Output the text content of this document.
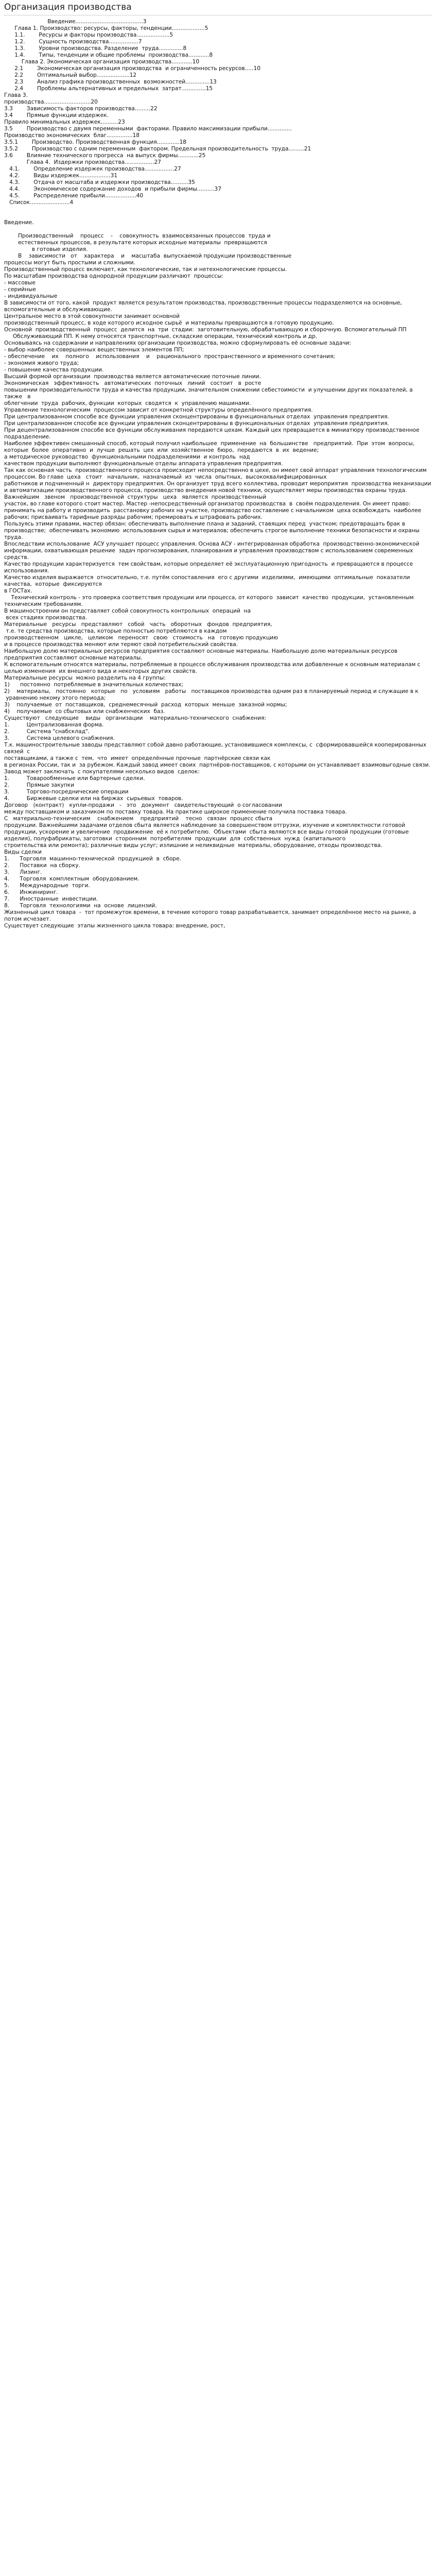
Организация производства
Введение.......................................3
Глава 1. Производство: ресурсы, факторы, тенденции...................5
1.1.        Ресурсы и факторы производства...................5
1.2.        Сущность производства.................7
1.3.        Уровни производства. Разделение  труда..............8
1.4.        Типы, тенденции и общие проблемы  производства............8
Глава 2. Экономическая организация производства............10
2.1        Экономическая организация производства  и ограниченность ресурсов.....10
2.2        Оптимальный выбор...................12
2.3        Анализ графика производственных  возможностей..............13
2.4        Проблемы альтернативных и предельных  затрат..............15
Глава 3.
производства...........................20
3.3        Зависимость факторов производства.........22
3.4        Прямые функции издержек.
Правило минимальных издержек..........23
3.5        Производство с двумя переменными  факторами. Правило максимизации прибыли..............
Производство экономических  благ...............18
3.5.1        Производство. Производственная функция.............18
3.5.2        Производство с одним переменным  фактором. Предельная производительность  труда.........21
3.6        Влияние технического прогресса  на выпуск фирмы............25
Глава 4.  Издержки производства.................27
4.1.        Определение издержек производства.................27
4.2.        Виды издержек..................31
4.3.        Отдача от масштаба и издержки производства..........35
4.4.        Экономическое содержание доходов  и прибыли фирмы..........37
4.5.        Распределение прибыли..................40
Список.......................4

Введение.

Производственный    процесс    -    совокупность  взаимосвязанных процессов  труда и
естественных процессов, в результате которых исходные материалы  превращаются
в готовые изделия.
В    зависимости   от    характера    и    масштаба  выпускаемой продукции производственные
процессы могут быть простыми и сложными.
Производственный процесс включает, как технологические, так и нетехнологические процессы.
По масштабам производства однородной продукции различают  процессы:
- массовые
- серийные
- индивидуальные
В зависимости от того, какой  продукт является результатом производства, производственные процессы подразделяются на основные, вспомогательные и обслуживающие.
Центральное место в этой совокупности занимает основной
производственный процесс, в ходе которого исходное сырьё  и материалы превращаются в готовую продукцию.
Основной  производственный  процесс  делится  на  три  стадии:  заготовительную, обрабатывающую и сборочную. Вспомогательный ПП
Обслуживающий ПП. К нему относятся транспортные, складские операции, технический контроль и др.
Основываясь на содержании и направлениях организации производства, можно сформулировать её основные задачи:
- выбор наиболее совершенных вещественных элементов ПП;
- обеспечение    их    полного    использования    и    рационального  пространственного и временного сочетания;
- экономия живого труда;
- повышение качества продукции.
Высший формой организации  производства является автоматические поточные линии.
Экономическая   эффективность   автоматических  поточных   линий   состоит   в  росте
повышении производительности труда и качества продукции, значительном снижении себестоимости  и улучшении других показателей, а также   в
облегчении  труда  рабочих, функции  которых  сводятся  к  управлению машинами.
Управление технологическим  процессом зависит от конкретной структуры определённого предприятия.
При централизованном способе все функции управления сконцентрированы в функциональных отделах  управления предприятия.
При централизованном способе все функции управления сконцентрированы в функциональных отделах  управления предприятия.
При децентрализованном способе все функции обслуживания передаются цехам. Каждый цех превращается в миниатюру производственное подразделение.
Наиболее эффективен смешанный способ, который получил наибольшее  применение  на  большинстве   предприятий.  При  этом  вопросы,  которые  более  оперативно  и  лучше  решать  цех  или  хозяйственное  бюро,  передаются  в  их  ведение;
а методическое руководство  функциональными подразделениями  и контроль  над
качеством продукции выполняют функциональные отделы аппарата управления предприятия.
Так как основная часть  производственного процесса происходит непосредственно в цехе, он имеет свой аппарат управления технологическим процессом. Во главе  цеха   стоит   начальник,  назначаемый  из  числа  опытных,  высококвалифицированных
работников и подчиненный н  директору предприятия. Он организует труд всего коллектива, проводит мероприятия  производства механизации и автоматизации производственного процесса, производство внедрения новой техники, осуществляет меры производства охраны труда.
Важнейшим   звеном   производственной  структуры   цеха   является  производственный
участок, во главе которого стоит мастер. Мастер -непосредственный организатор производства  в  своём подразделения. Он имеет право: принимать на работу и производить  расстановку рабочих на участке, производство составление с начальником  цеха освобождать  наиболее рабочих; присваивать тарифные разряды рабочим; премировать и штрафовать рабочих.
Пользуясь этими правами, мастер обязан: обеспечивать выполнение плана и заданий, ставящих перед  участком; предотвращать брак в производстве;  обеспечивать экономию  использования сырья и материалов; обеспечить строгое выполнение техники безопасности и охраны труда.
Впоследствии использование  АСУ улучшает процесс управления. Основа АСУ - интегрированная обработка  производственно-экономической информации, охватывающая решение  задач прогнозирования, планирования и управления производством с использованием современных средств.
Качество продукции характеризуется  тем свойствам, которые определяет её эксплуатационную пригодность  и превращаются в процессе использования.
Качество изделия выражается  относительно, т.е. путём сопоставления  его с другими  изделиями,  имеющими  оптимальные  показатели  качества,  которые  фиксируются
в ГОСТах.
Технический контроль - это проверка соответствия продукции или процесса, от которого  зависит  качество  продукции,  установленным  техническим требованиям.
В машиностроении он представляет собой совокупность контрольных  операций  на
всех стадиях производства.
Материальные   ресурсы   представляют   собой   часть   оборотных   фондов  предприятия,
т.е. те средства производства, которые полностью потребляются в каждом
производственном   цикле,   целиком   переносят   свою   стоимость   на   готовую продукцию
и в процессе производства меняют или теряют свой потребительский свойства.
Наибольшую долю материальных ресурсов предприятия составляют основные материалы. Наибольшую долю материальных ресурсов предприятия составляют основные материалы.
К вспомогательным относятся материалы, потребляемые в процессе обслуживания производства или добавленные к основным материалам с целью изменения  их внешнего вида и некоторых других свойств.
Материальные ресурсы  можно разделить на 4 группы:
1)      постоянно  потребляемые в значительных количествах;
2)    материалы,   постоянно   которые   по   условиям   работы   поставщиков производства одним раз в планируемый период и служащие в к
уравнению некому этого периода;
3)    получаемые  от  поставщиков,  среднемесячный  расход  которых  меньше  заказной нормы;
4)    получаемые  со сбытовых или снабженческих  баз.
Существуют   следующие    виды   организации    материально-технического  снабжения:
1.          Централизованная форма.
2.          Система "снабсклад".
3.          Система целевого снабжения.
Т.к. машиностроительные заводы представляют собой давно работающие, установившиеся комплексы, с  сформировавшейся кооперированных связей  с
поставщиками, а также с  тем,  что  имеет  определённые прочные  партнёрские связи как
в регионах России, так и  за рубежом. Каждый завод имеет своих  партнёров-поставщиков, с которыми он устанавливает взаимовыгодные связи.
Завод может заключать  с покупателями несколько видов  сделок:
1.          Товарообменные или бартерные сделки.
2.          Прямые закупки
3.          Торгово-посреднические операции
4.          Биржевые сделки или на биржах  сырьевых  товаров.
Договор   (контракт)   купли-продажи   -   это   документ   свидетельствующий  о согласовании
между поставщиком и заказчиком по поставку товара. На практике широкое применение получила поставка товара.
С   материально-техническим    снабжением    предприятий    тесно   связан  процесс сбыта
продукции. Важнейшими задачами отделов сбыта является наблюдение за совершенством отгрузки, изучение и комплектности готовой продукции, ускорение и увеличение  продвижение  её к потребителю.  Объектами  сбыта являются все виды готовой продукции (готовые изделия), полуфабрикаты, заготовки  сторонним  потребителям  продукции  для  собственных  нужд  (капитального
строительства или ремонта); различные виды услуг; излишние и неликвидные  материалы, оборудование, отходы производства.
Виды сделки
1.      Торговля  машинно-технической  продукцией  в  сборе.
2.      Поставки  на сборку.
3.      Лизинг.
4.      Торговля  комплектным  оборудованием.
5.      Международные  торги.
6.      Инжиниринг.
7.      Иностранные  инвестиции.
8.      Торговля  технологиями  на  основе  лицензий.
Жизненный цикл товара  -  тот промежуток времени, в течение которого товар разрабатывается, занимает определённое место на рынке, а потом исчезает.
Существует следующие  этапы жизненного цикла товара: внедрение, рост,
